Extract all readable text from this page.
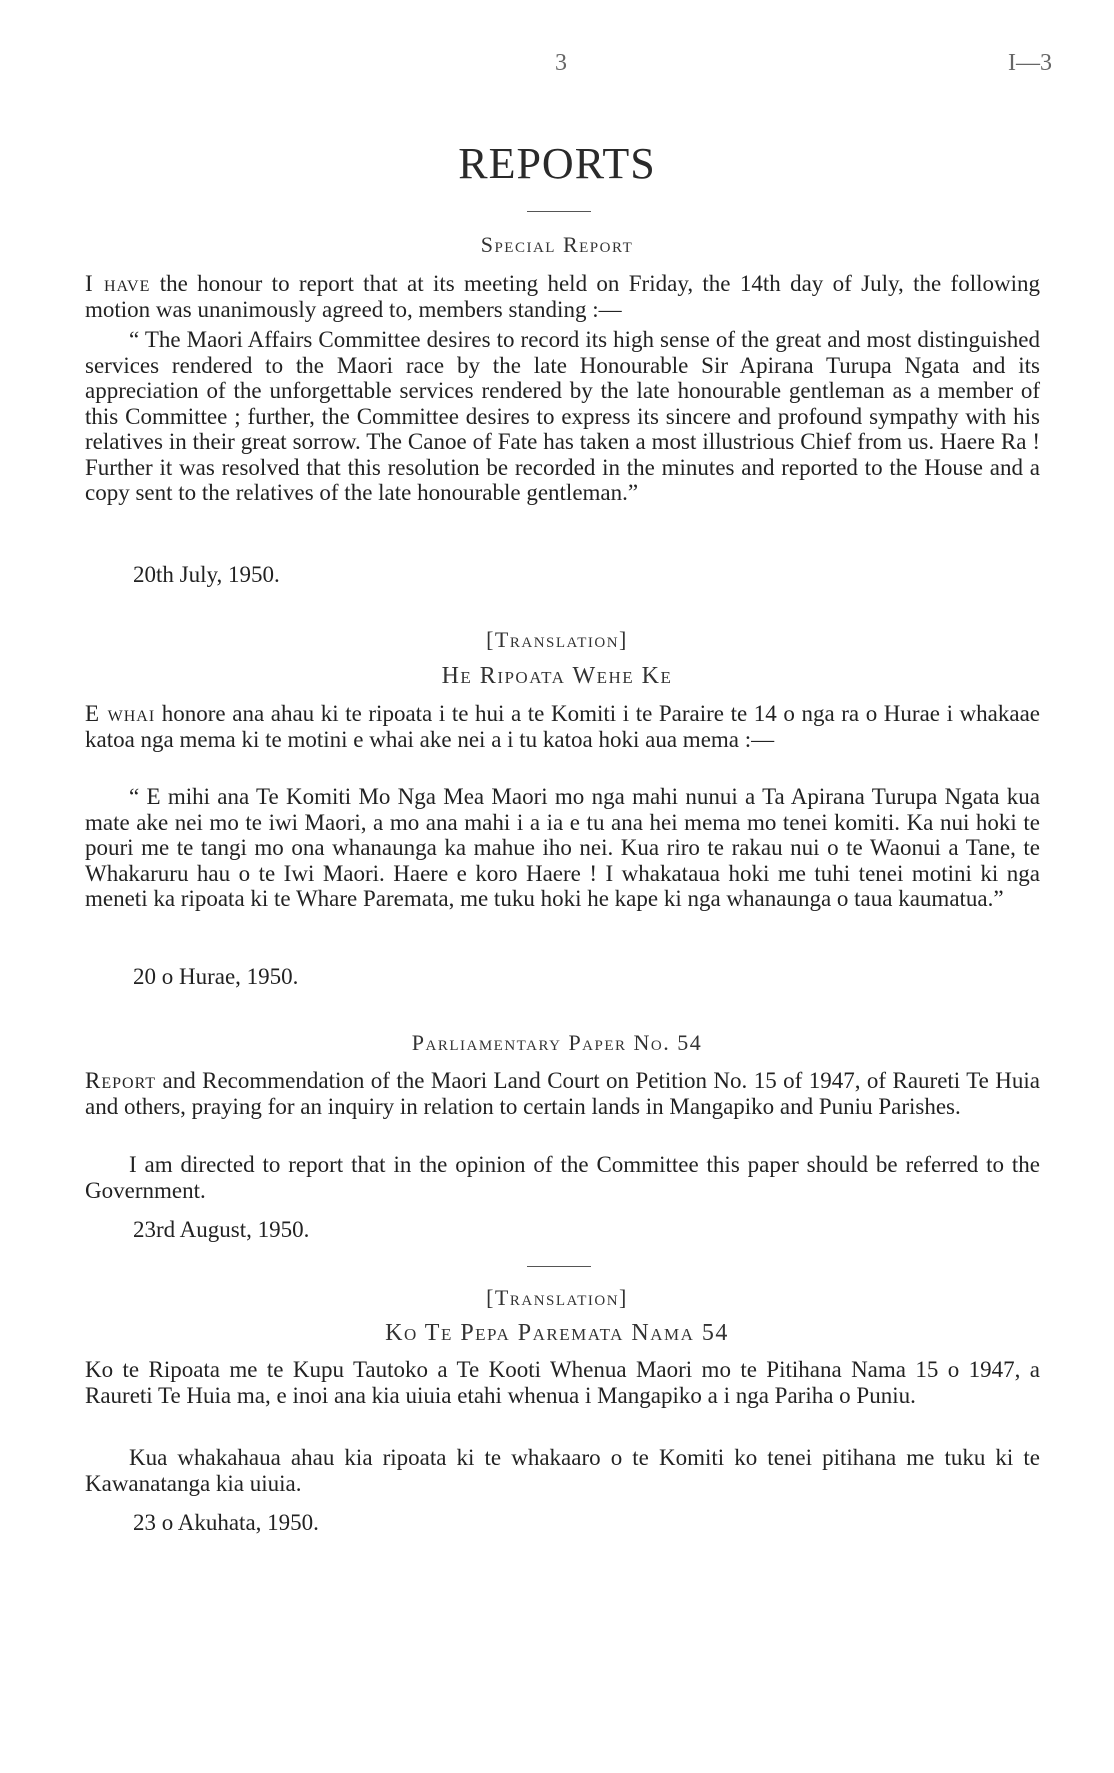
3	I—3
REPORTS
Special Report
I have the honour to report that at its meeting held on Friday, the 14th day of July, the following motion was unanimously agreed to, members standing :—
“ The Maori Affairs Committee desires to record its high sense of the great and most distinguished services rendered to the Maori race by the late Honourable Sir Apirana Turupa Ngata and its appreciation of the unforgettable services rendered by the late honourable gentleman as a member of this Committee ; further, the Committee desires to express its sincere and profound sympathy with his relatives in their great sorrow. The Canoe of Fate has taken a most illustrious Chief from us. Haere Ra ! Further it was resolved that this resolution be recorded in the minutes and reported to the House and a copy sent to the relatives of the late honourable gentleman.”
20th July, 1950.
[Translation]
He Ripoata Wehe Ke
E whai honore ana ahau ki te ripoata i te hui a te Komiti i te Paraire te 14 o nga ra o Hurae i whakaae katoa nga mema ki te motini e whai ake nei a i tu katoa hoki aua mema :—
“ E mihi ana Te Komiti Mo Nga Mea Maori mo nga mahi nunui a Ta Apirana Turupa Ngata kua mate ake nei mo te iwi Maori, a mo ana mahi i a ia e tu ana hei mema mo tenei komiti. Ka nui hoki te pouri me te tangi mo ona whanaunga ka mahue iho nei. Kua riro te rakau nui o te Waonui a Tane, te Whakaruru hau o te Iwi Maori. Haere e koro Haere ! I whakataua hoki me tuhi tenei motini ki nga meneti ka ripoata ki te Whare Paremata, me tuku hoki he kape ki nga whanaunga o taua kaumatua.”
20 o Hurae, 1950.
Parliamentary Paper No. 54
Report and Recommendation of the Maori Land Court on Petition No. 15 of 1947, of Raureti Te Huia and others, praying for an inquiry in relation to certain lands in Mangapiko and Puniu Parishes.
I am directed to report that in the opinion of the Committee this paper should be referred to the Government.
23rd August, 1950.
[Translation]
Ko Te Pepa Paremata Nama 54
Ko te Ripoata me te Kupu Tautoko a Te Kooti Whenua Maori mo te Pitihana Nama 15 o 1947, a Raureti Te Huia ma, e inoi ana kia uiuia etahi whenua i Mangapiko a i nga Pariha o Puniu.
Kua whakahaua ahau kia ripoata ki te whakaaro o te Komiti ko tenei pitihana me tuku ki te Kawanatanga kia uiuia.
23 o Akuhata, 1950.
